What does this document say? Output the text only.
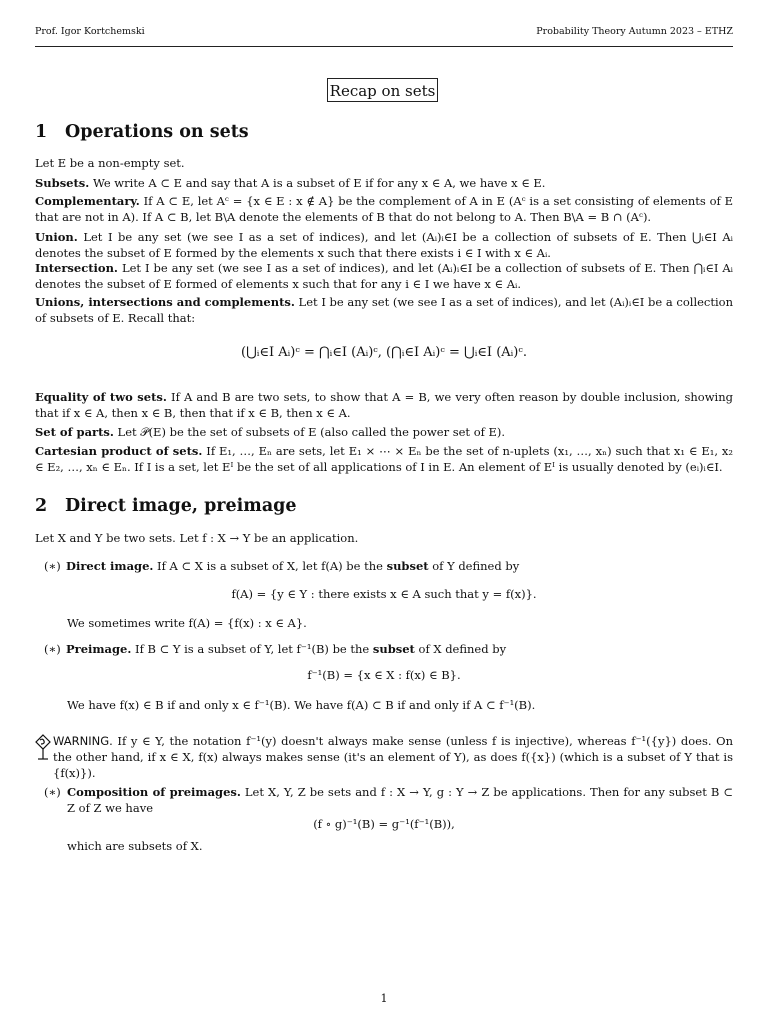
Prof. Igor Kortchemski	Probability Theory Autumn 2023 – ETHZ
Recap on sets
1 Operations on sets
Let E be a non-empty set.
Subsets. We write A ⊂ E and say that A is a subset of E if for any x ∈ A, we have x ∈ E.
Complementary. If A ⊂ E, let Aᶜ = {x ∈ E : x ∉ A} be the complement of A in E (Aᶜ is a set consisting of elements of E that are not in A). If A ⊂ B, let B\A denote the elements of B that do not belong to A. Then B\A = B ∩ (Aᶜ).
Union. Let I be any set (we see I as a set of indices), and let (Aᵢ)ᵢ∈I be a collection of subsets of E. Then ⋃ᵢ∈I Aᵢ denotes the subset of E formed by the elements x such that there exists i ∈ I with x ∈ Aᵢ.
Intersection. Let I be any set (we see I as a set of indices), and let (Aᵢ)ᵢ∈I be a collection of subsets of E. Then ⋂ᵢ∈I Aᵢ denotes the subset of E formed of elements x such that for any i ∈ I we have x ∈ Aᵢ.
Unions, intersections and complements. Let I be any set (we see I as a set of indices), and let (Aᵢ)ᵢ∈I be a collection of subsets of E. Recall that:
(⋃ᵢ∈I Aᵢ)ᶜ = ⋂ᵢ∈I (Aᵢ)ᶜ, (⋂ᵢ∈I Aᵢ)ᶜ = ⋃ᵢ∈I (Aᵢ)ᶜ.
Equality of two sets. If A and B are two sets, to show that A = B, we very often reason by double inclusion, showing that if x ∈ A, then x ∈ B, then that if x ∈ B, then x ∈ A.
Set of parts. Let 𝒫(E) be the set of subsets of E (also called the power set of E).
Cartesian product of sets. If E₁, …, Eₙ are sets, let E₁ × ⋯ × Eₙ be the set of n-uplets (x₁, …, xₙ) such that x₁ ∈ E₁, x₂ ∈ E₂, …, xₙ ∈ Eₙ. If I is a set, let Eᴵ be the set of all applications of I in E. An element of Eᴵ is usually denoted by (eᵢ)ᵢ∈I.
2 Direct image, preimage
Let X and Y be two sets. Let f : X → Y be an application.
(∗) Direct image. If A ⊂ X is a subset of X, let f(A) be the subset of Y defined by
f(A) = {y ∈ Y : there exists x ∈ A such that y = f(x)}.
We sometimes write f(A) = {f(x) : x ∈ A}.
(∗) Preimage. If B ⊂ Y is a subset of Y, let f⁻¹(B) be the subset of X defined by
f⁻¹(B) = {x ∈ X : f(x) ∈ B}.
We have f(x) ∈ B if and only x ∈ f⁻¹(B). We have f(A) ⊂ B if and only if A ⊂ f⁻¹(B).
WARNING. If y ∈ Y, the notation f⁻¹(y) doesn't always make sense (unless f is injective), whereas f⁻¹({y}) does. On the other hand, if x ∈ X, f(x) always makes sense (it's an element of Y), as does f({x}) (which is a subset of Y that is {f(x)}).
(∗) Composition of preimages. Let X, Y, Z be sets and f : X → Y, g : Y → Z be applications. Then for any subset B ⊂ Z of Z we have
(f ∘ g)⁻¹(B) = g⁻¹(f⁻¹(B)),
which are subsets of X.
1
